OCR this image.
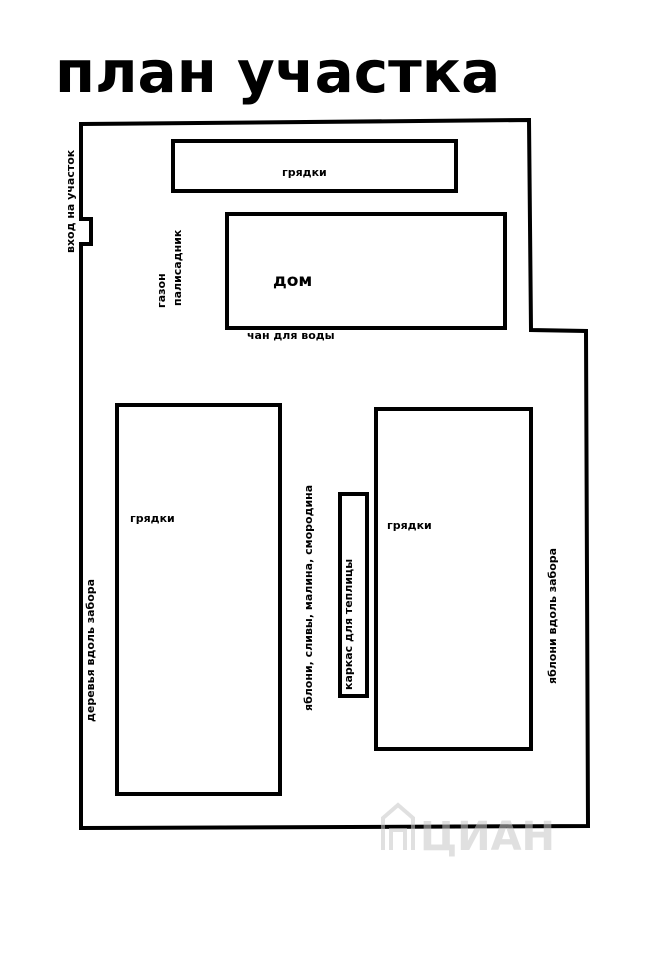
план участка
грядки
дом
чан для воды
вход на участок
газон палисадник
грядки
деревья вдоль забора	яблони, сливы, малина, смородина каркас для теплицы
грядки
яблони вдоль забора
ЦИАН
